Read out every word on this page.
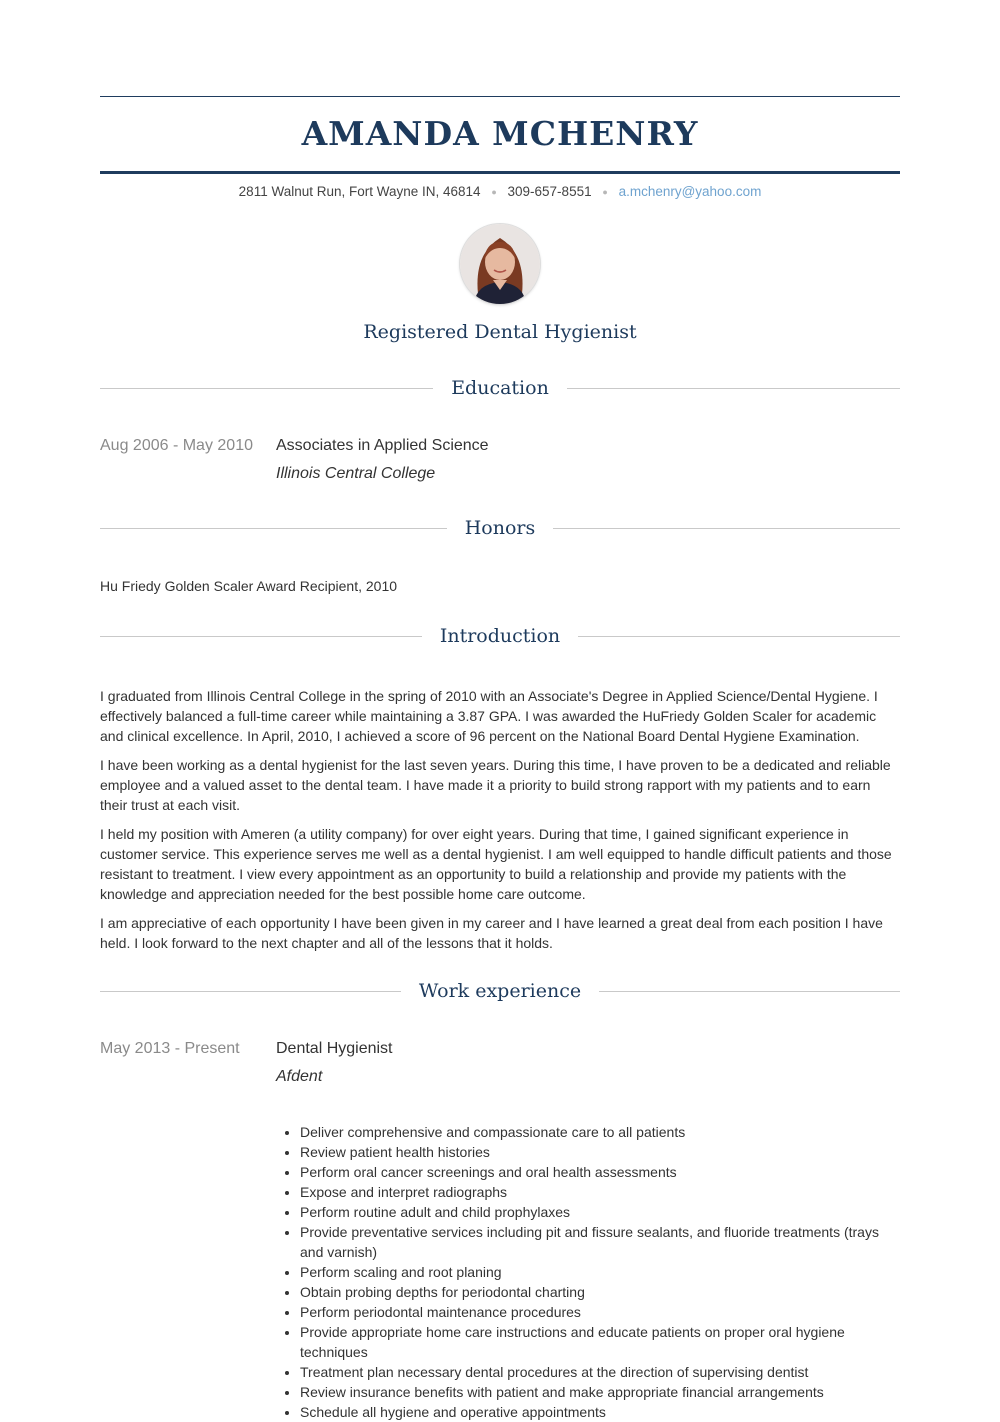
AMANDA MCHENRY
2811 Walnut Run, Fort Wayne IN, 46814 ● 309-657-8551 ● a.mchenry@yahoo.com
Registered Dental Hygienist
Education
Aug 2006 - May 2010	Associates in Applied Science
Illinois Central College
Honors
Hu Friedy Golden Scaler Award Recipient, 2010
Introduction

I graduated from Illinois Central College in the spring of 2010 with an Associate's Degree in Applied Science/Dental Hygiene. I effectively balanced a full-time career while maintaining a 3.87 GPA. I was awarded the HuFriedy Golden Scaler for academic and clinical excellence. In April, 2010, I achieved a score of 96 percent on the National Board Dental Hygiene Examination.

I have been working as a dental hygienist for the last seven years. During this time, I have proven to be a dedicated and reliable employee and a valued asset to the dental team. I have made it a priority to build strong rapport with my patients and to earn their trust at each visit.

I held my position with Ameren (a utility company) for over eight years. During that time, I gained significant experience in customer service. This experience serves me well as a dental hygienist. I am well equipped to handle difficult patients and those resistant to treatment. I view every appointment as an opportunity to build a relationship and provide my patients with the knowledge and appreciation needed for the best possible home care outcome.

I am appreciative of each opportunity I have been given in my career and I have learned a great deal from each position I have held. I look forward to the next chapter and all of the lessons that it holds.

Work experience
May 2013 - Present	Dental Hygienist
Afdent
• Deliver comprehensive and compassionate care to all patients
• Review patient health histories
• Perform oral cancer screenings and oral health assessments
• Expose and interpret radiographs
• Perform routine adult and child prophylaxes
• Provide preventative services including pit and fissure sealants, and fluoride treatments (trays and varnish)
• Perform scaling and root planing
• Obtain probing depths for periodontal charting
• Perform periodontal maintenance procedures
• Provide appropriate home care instructions and educate patients on proper oral hygiene techniques
• Treatment plan necessary dental procedures at the direction of supervising dentist
• Review insurance benefits with patient and make appropriate financial arrangements
• Schedule all hygiene and operative appointments
